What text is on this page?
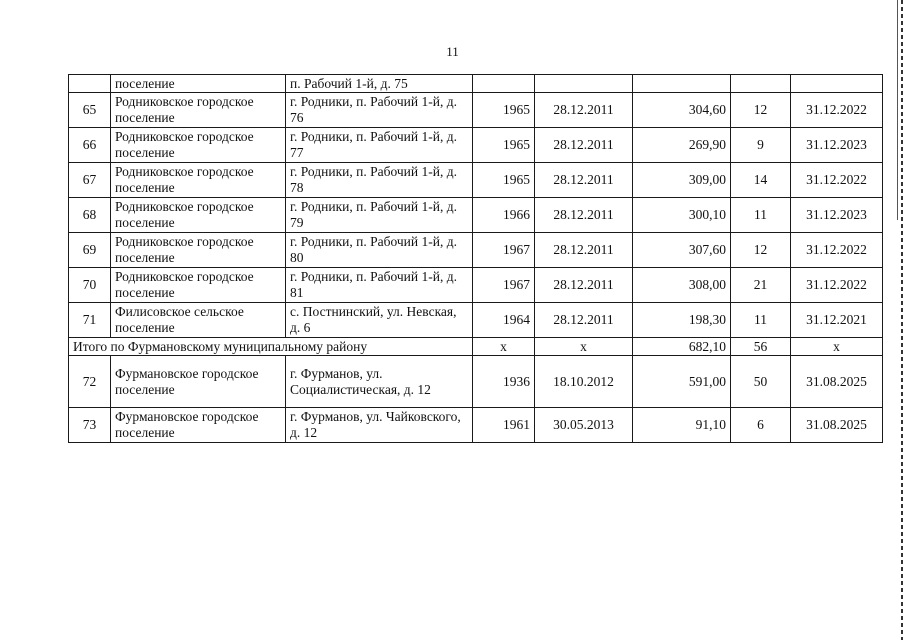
11
	поселение	п. Рабочий 1-й, д. 75					
65	Родниковское городское поселение	г. Родники, п. Рабочий 1-й, д. 76	1965	28.12.2011	304,60	12	31.12.2022
66	Родниковское городское поселение	г. Родники, п. Рабочий 1-й, д. 77	1965	28.12.2011	269,90	9	31.12.2023
67	Родниковское городское поселение	г. Родники, п. Рабочий 1-й, д. 78	1965	28.12.2011	309,00	14	31.12.2022
68	Родниковское городское поселение	г. Родники, п. Рабочий 1-й, д. 79	1966	28.12.2011	300,10	11	31.12.2023
69	Родниковское городское поселение	г. Родники, п. Рабочий 1-й, д. 80	1967	28.12.2011	307,60	12	31.12.2022
70	Родниковское городское поселение	г. Родники, п. Рабочий 1-й, д. 81	1967	28.12.2011	308,00	21	31.12.2022
71	Филисовское сельское поселение	с. Постнинский, ул. Невская, д. 6	1964	28.12.2011	198,30	11	31.12.2021
Итого по Фурмановскому муниципальному району			x	x	682,10	56	x
72	Фурмановское городское поселение	г. Фурманов, ул. Социалистическая, д. 12	1936	18.10.2012	591,00	50	31.08.2025
73	Фурмановское городское поселение	г. Фурманов, ул. Чайковского, д. 12	1961	30.05.2013	91,10	6	31.08.2025
